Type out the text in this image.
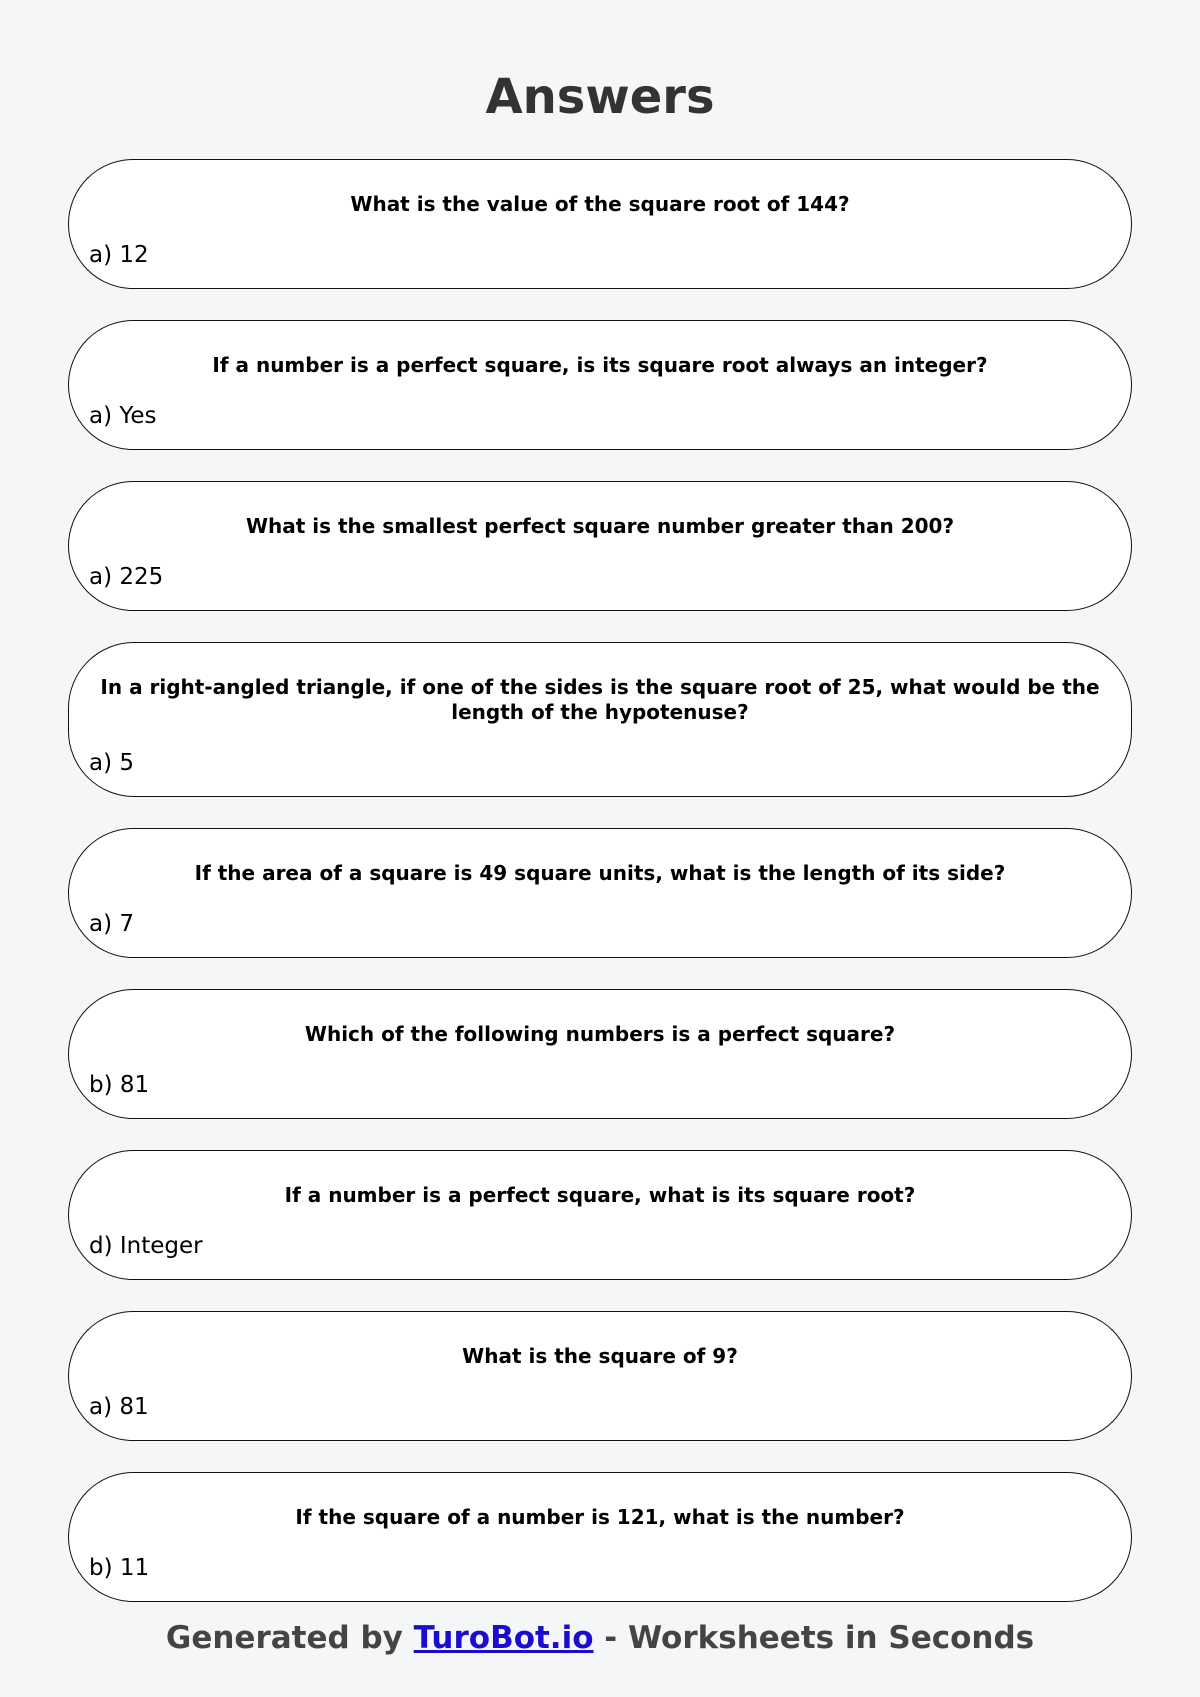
Answers
What is the value of the square root of 144?
a) 12
If a number is a perfect square, is its square root always an integer?
a) Yes
What is the smallest perfect square number greater than 200?
a) 225
In a right-angled triangle, if one of the sides is the square root of 25, what would be the length of the hypotenuse?
a) 5
If the area of a square is 49 square units, what is the length of its side?
a) 7
Which of the following numbers is a perfect square?
b) 81
If a number is a perfect square, what is its square root?
d) Integer
What is the square of 9?
a) 81
If the square of a number is 121, what is the number?
b) 11
Generated by TuroBot.io - Worksheets in Seconds
